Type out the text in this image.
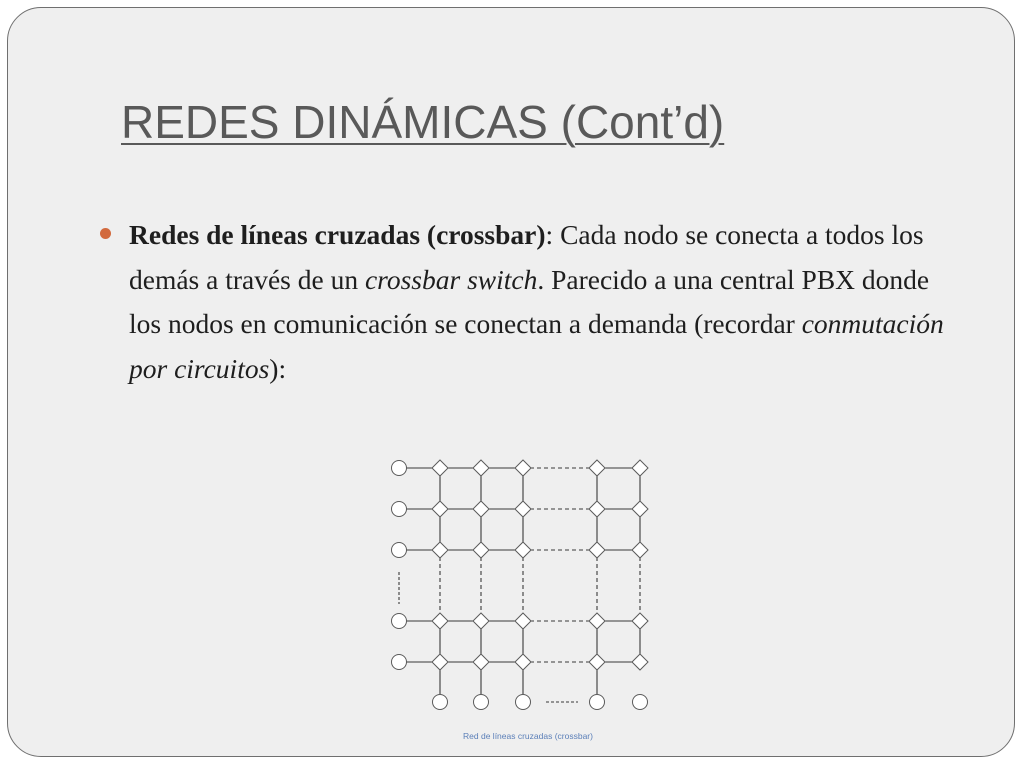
REDES DINÁMICAS (Cont’d)

Redes de líneas cruzadas (crossbar): Cada nodo se conecta a todos los demás a través de un crossbar switch. Parecido a una central PBX donde los nodos en comunicación se conectan a demanda (recordar conmutación por circuitos):

Red de líneas cruzadas (crossbar)
